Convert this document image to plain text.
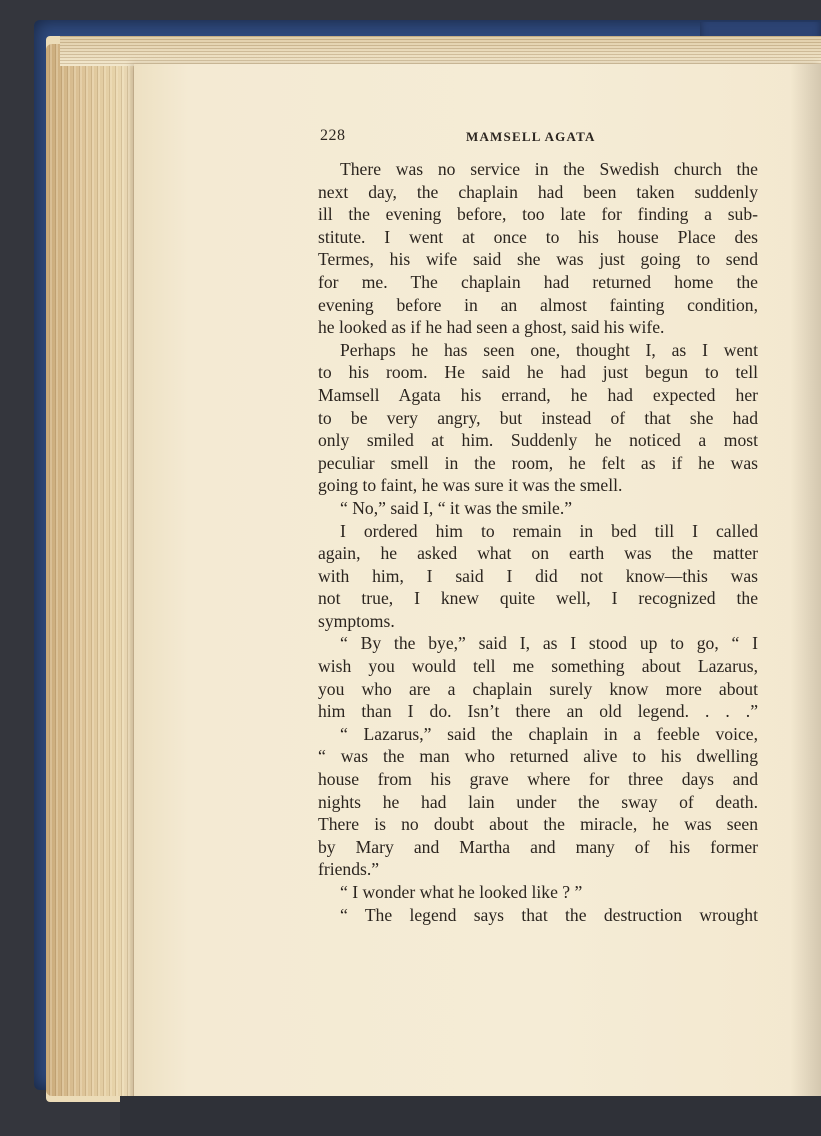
228	MAMSELL AGATA
There was no service in the Swedish church the
next day, the chaplain had been taken suddenly
ill the evening before, too late for finding a sub-
stitute. I went at once to his house Place des
Termes, his wife said she was just going to send
for me. The chaplain had returned home the
evening before in an almost fainting condition,
he looked as if he had seen a ghost, said his wife.
Perhaps he has seen one, thought I, as I went
to his room. He said he had just begun to tell
Mamsell Agata his errand, he had expected her
to be very angry, but instead of that she had
only smiled at him. Suddenly he noticed a most
peculiar smell in the room, he felt as if he was
going to faint, he was sure it was the smell.
“ No,” said I, “ it was the smile.”
I ordered him to remain in bed till I called
again, he asked what on earth was the matter
with him, I said I did not know—this was
not true, I knew quite well, I recognized the
symptoms.
“ By the bye,” said I, as I stood up to go, “ I
wish you would tell me something about Lazarus,
you who are a chaplain surely know more about
him than I do. Isn’t there an old legend. . . .”
“ Lazarus,” said the chaplain in a feeble voice,
“ was the man who returned alive to his dwelling
house from his grave where for three days and
nights he had lain under the sway of death.
There is no doubt about the miracle, he was seen
by Mary and Martha and many of his former
friends.”
“ I wonder what he looked like ? ”
“ The legend says that the destruction wrought
